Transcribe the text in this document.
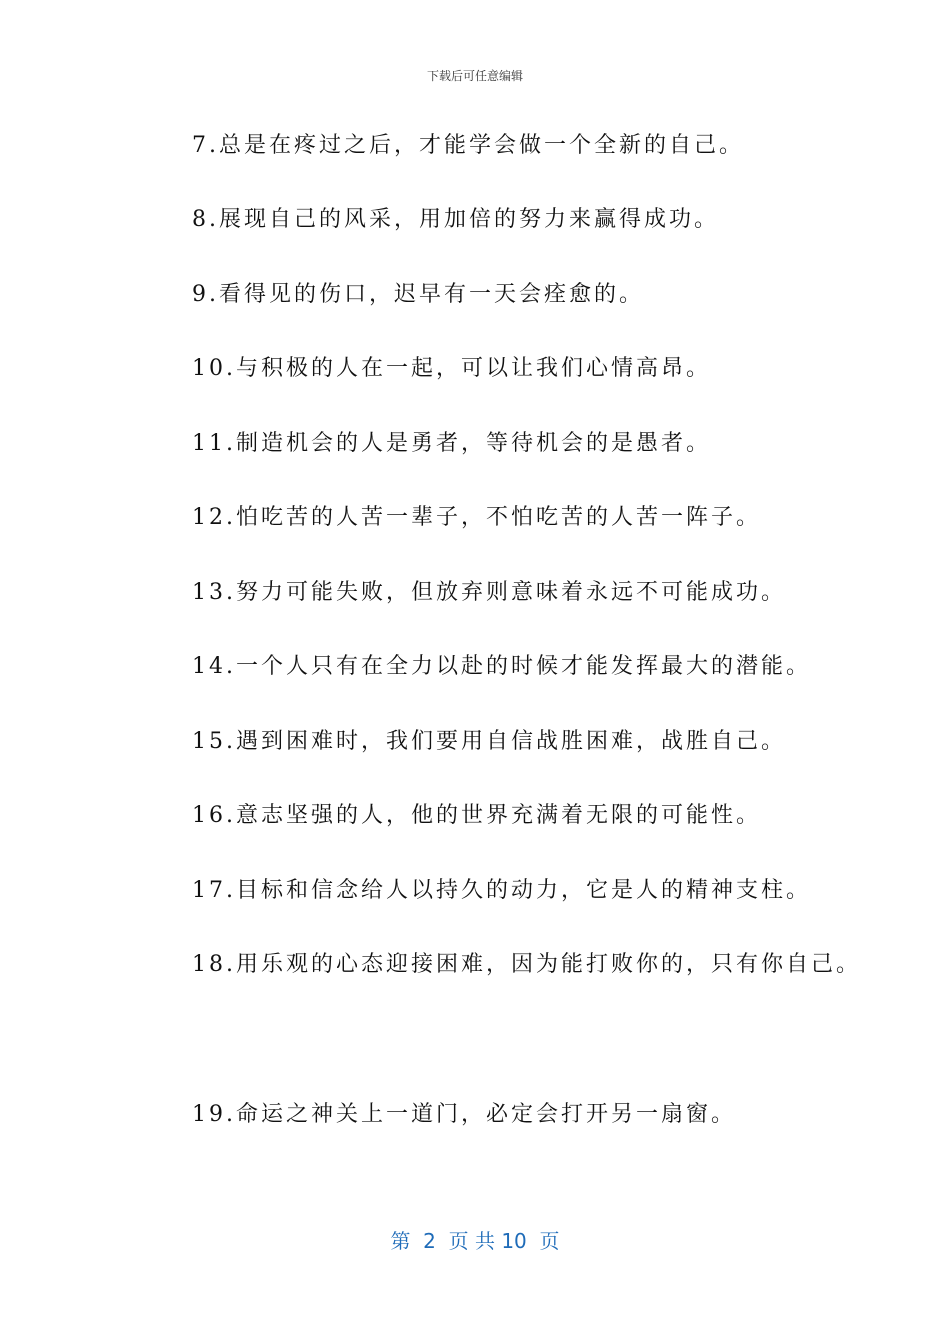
下载后可任意编辑
7.总是在疼过之后，才能学会做一个全新的自己。
8.展现自己的风采，用加倍的努力来赢得成功。
9.看得见的伤口，迟早有一天会痊愈的。
10.与积极的人在一起，可以让我们心情高昂。
11.制造机会的人是勇者，等待机会的是愚者。
12.怕吃苦的人苦一辈子，不怕吃苦的人苦一阵子。
13.努力可能失败，但放弃则意味着永远不可能成功。
14.一个人只有在全力以赴的时候才能发挥最大的潜能。
15.遇到困难时，我们要用自信战胜困难，战胜自己。
16.意志坚强的人，他的世界充满着无限的可能性。
17.目标和信念给人以持久的动力，它是人的精神支柱。
18.用乐观的心态迎接困难，因为能打败你的，只有你自己。
19.命运之神关上一道门，必定会打开另一扇窗。
第  2  页 共 10  页
